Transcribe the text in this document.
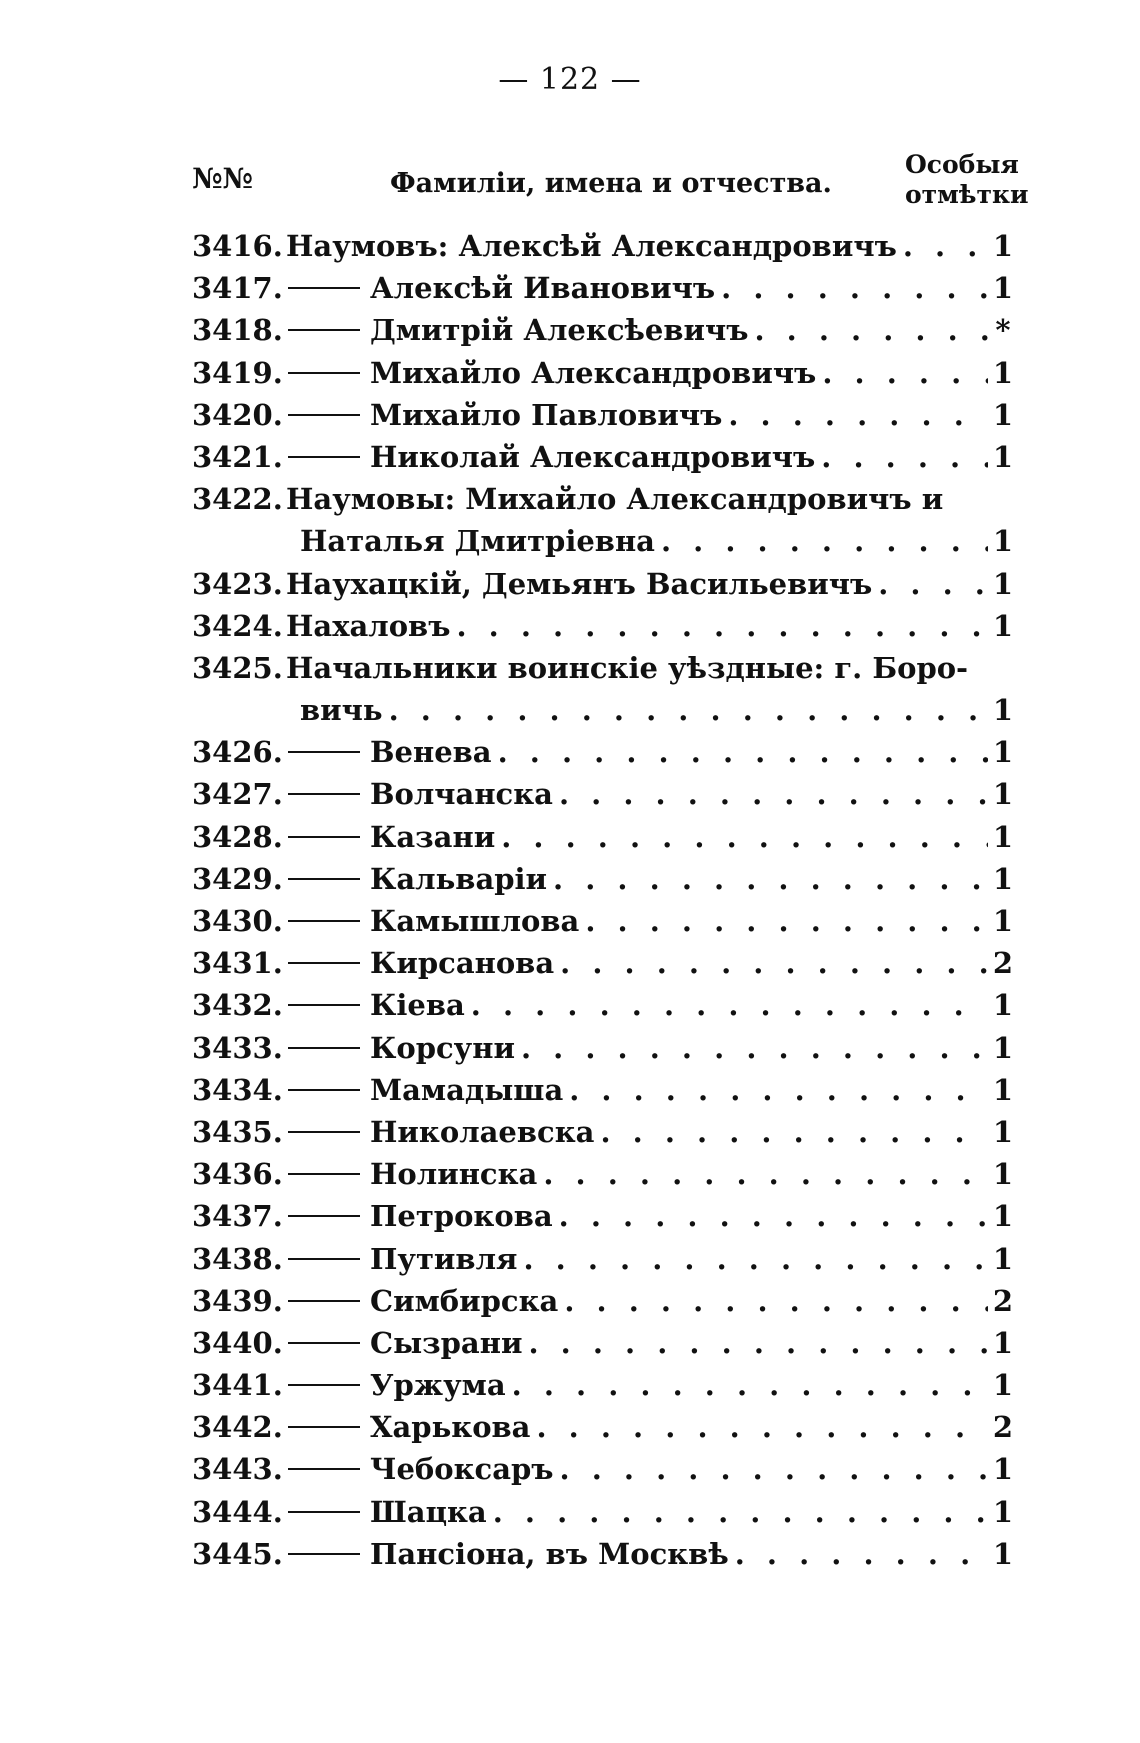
— 122 —
№№	Фамиліи, имена и отчества.
Особыя
отмѣтки
3416. Наумовъ: Алексѣй Александровичъ . . .	1
3417.	Алексѣй Ивановичъ . . .	1
3418.	Дмитрій Алексѣевичъ . . .	*
3419.	Михайло Александровичъ . . .	1
3420.	Михайло Павловичъ . . .	1
3421.	Николай Александровичъ . . .	1
3422. Наумовы: Михайло Александровичъ и
Наталья Дмитріевна . . .	1
3423. Наухацкій, Демьянъ Васильевичъ . . .	1
3424. Нахаловъ . . .	1
3425. Начальники воинскіе уѣздные: г. Боро-
вичь . . .	1
3426.	Венева . . .	1
3427.	Волчанска . . .	1
3428.	Казани . . .	1
3429.	Кальваріи . . .	1
3430.	Камышлова . . .	1
3431.	Кирсанова . . .	2
3432.	Кіева . . .	1
3433.	Корсуни . . .	1
3434.	Мамадыша . . .	1
3435.	Николаевска . . .	1
3436.	Нолинска . . .	1
3437.	Петрокова . . .	1
3438.	Путивля . . .	1
3439.	Симбирска . . .	2
3440.	Сызрани . . .	1
3441.	Уржума . . .	1
3442.	Харькова . . .	2
3443.	Чебоксаръ . . .	1
3444.	Шацка . . .	1
3445.	Пансіона, въ Москвѣ . . .	1
